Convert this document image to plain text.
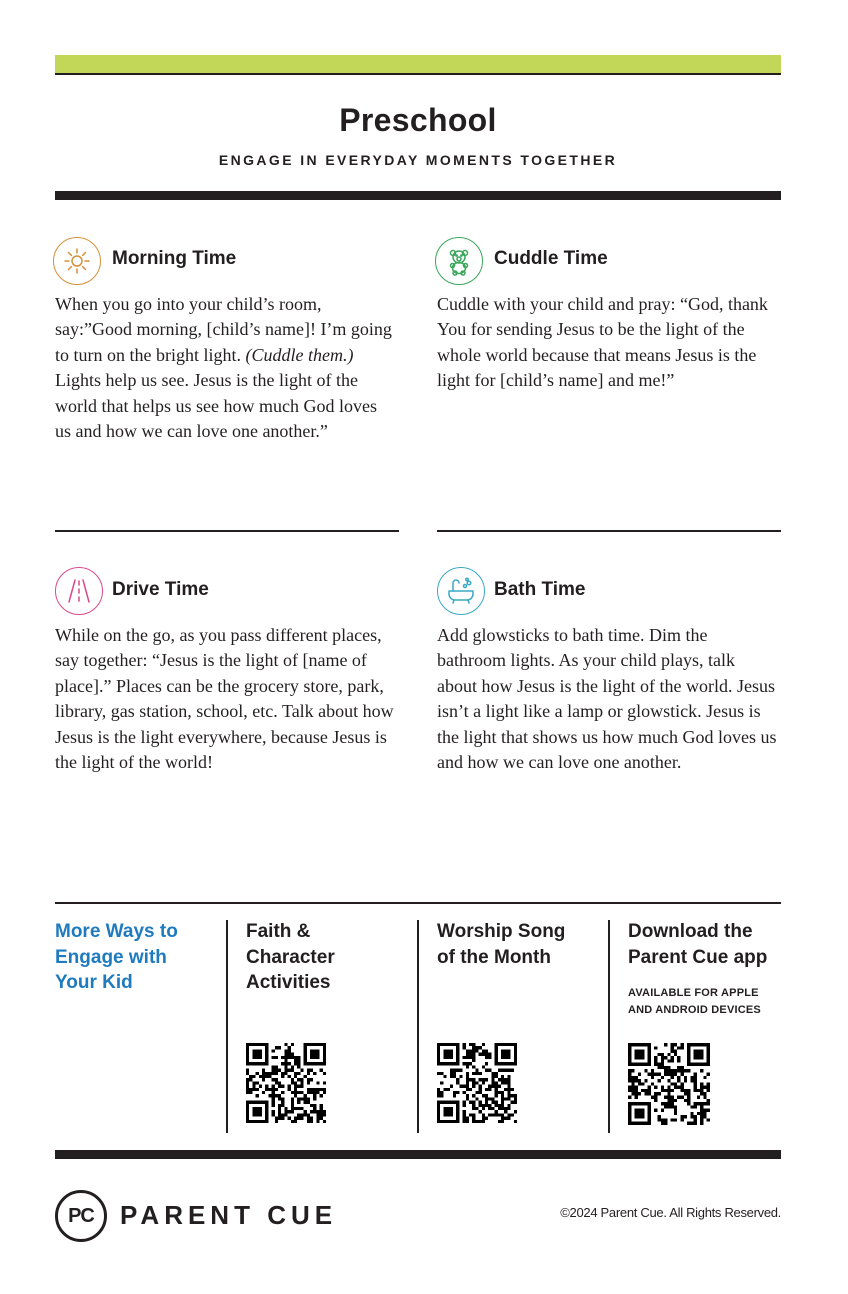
Preschool
ENGAGE IN EVERYDAY MOMENTS TOGETHER
Morning Time
When you go into your child’s room, say:”Good morning, [child’s name]! I’m going to turn on the bright light. (Cuddle them.) Lights help us see. Jesus is the light of the world that helps us see how much God loves us and how we can love one another.”
Cuddle Time
Cuddle with your child and pray: “God, thank You for sending Jesus to be the light of the whole world because that means Jesus is the light for [child’s name] and me!”
Drive Time
While on the go, as you pass different places, say together: “Jesus is the light of [name of place].” Places can be the grocery store, park, library, gas station, school, etc. Talk about how Jesus is the light everywhere, because Jesus is the light of the world!
Bath Time
Add glowsticks to bath time. Dim the bathroom lights. As your child plays, talk about how Jesus is the light of the world. Jesus isn’t a light like a lamp or glowstick. Jesus is the light that shows us how much God loves us and how we can love one another.
More Ways to Engage with Your Kid
Faith & Character Activities
Worship Song of the Month
Download the Parent Cue app
AVAILABLE FOR APPLE AND ANDROID DEVICES
PC	PARENT CUE	©2024 Parent Cue. All Rights Reserved.
